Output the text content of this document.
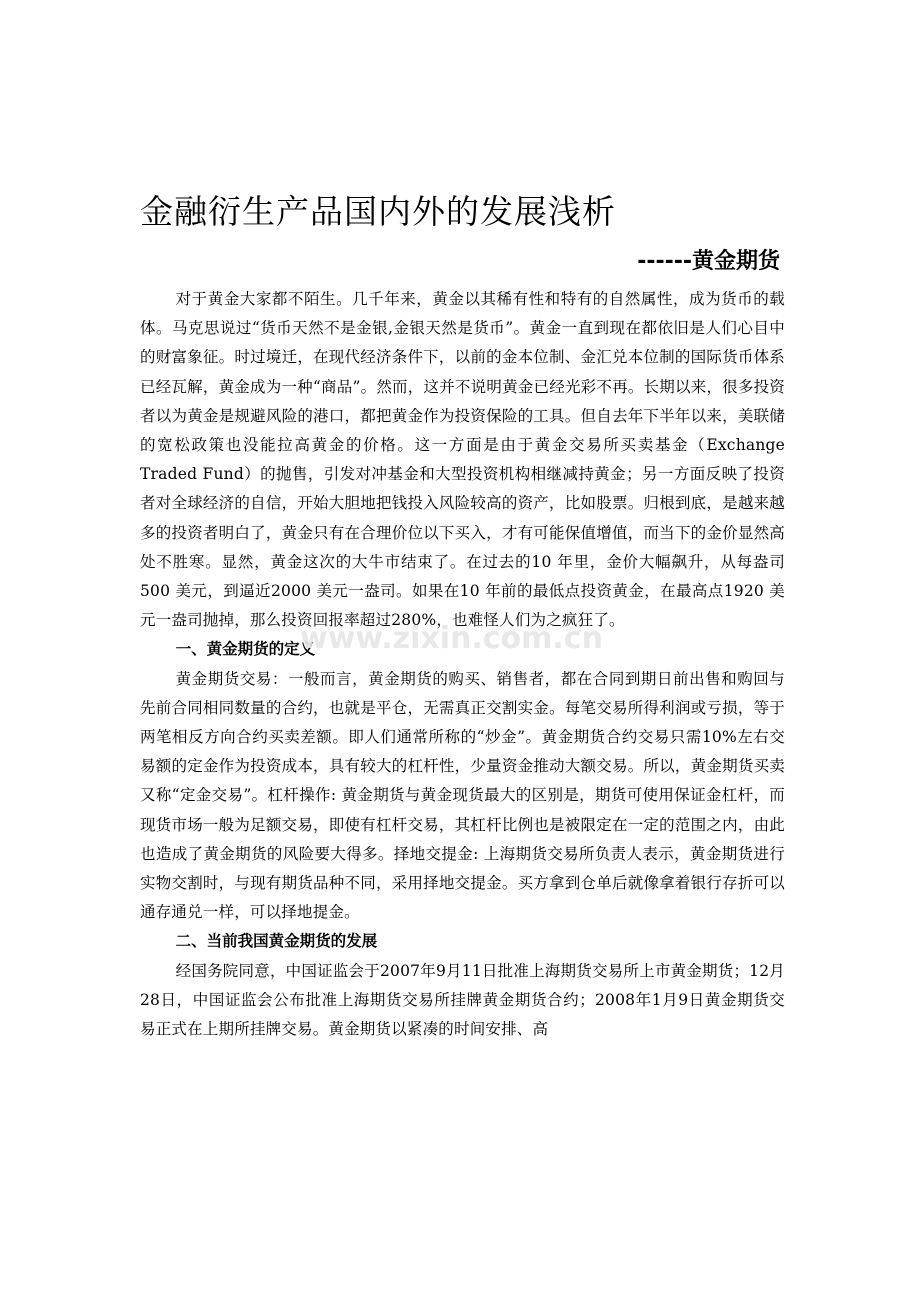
金融衍生产品国内外的发展浅析
------黄金期货

对于黄金大家都不陌生。几千年来，黄金以其稀有性和特有的自然属性，成为货币的载体。马克思说过“货币天然不是金银,金银天然是货币”。黄金一直到现在都依旧是人们心目中的财富象征。时过境迁，在现代经济条件下，以前的金本位制、金汇兑本位制的国际货币体系已经瓦解，黄金成为一种“商品”。然而，这并不说明黄金已经光彩不再。长期以来，很多投资者以为黄金是规避风险的港口，都把黄金作为投资保险的工具。但自去年下半年以来，美联储的宽松政策也没能拉高黄金的价格。这一方面是由于黄金交易所买卖基金（Exchange Traded Fund）的抛售，引发对冲基金和大型投资机构相继减持黄金；另一方面反映了投资者对全球经济的自信，开始大胆地把钱投入风险较高的资产，比如股票。归根到底，是越来越多的投资者明白了，黄金只有在合理价位以下买入，才有可能保值增值，而当下的金价显然高处不胜寒。显然，黄金这次的大牛市结束了。在过去的10 年里，金价大幅飙升，从每盎司500 美元，到逼近2000 美元一盎司。如果在10 年前的最低点投资黄金，在最高点1920 美元一盎司抛掉，那么投资回报率超过280%，也难怪人们为之疯狂了。

一、黄金期货的定义

黄金期货交易：一般而言，黄金期货的购买、销售者，都在合同到期日前出售和购回与先前合同相同数量的合约，也就是平仓，无需真正交割实金。每笔交易所得利润或亏损，等于两笔相反方向合约买卖差额。即人们通常所称的“炒金”。黄金期货合约交易只需10%左右交易额的定金作为投资成本，具有较大的杠杆性，少量资金推动大额交易。所以，黄金期货买卖又称“定金交易”。杠杆操作: 黄金期货与黄金现货最大的区别是，期货可使用保证金杠杆，而现货市场一般为足额交易，即使有杠杆交易，其杠杆比例也是被限定在一定的范围之内，由此也造成了黄金期货的风险要大得多。择地交提金: 上海期货交易所负责人表示，黄金期货进行实物交割时，与现有期货品种不同，采用择地交提金。买方拿到仓单后就像拿着银行存折可以通存通兑一样，可以择地提金。

二、当前我国黄金期货的发展

经国务院同意，中国证监会于2007年9月11日批准上海期货交易所上市黄金期货；12月28日，中国证监会公布批准上海期货交易所挂牌黄金期货合约；2008年1月9日黄金期货交易正式在上期所挂牌交易。黄金期货以紧凑的时间安排、高

www.zixin.com.cn
